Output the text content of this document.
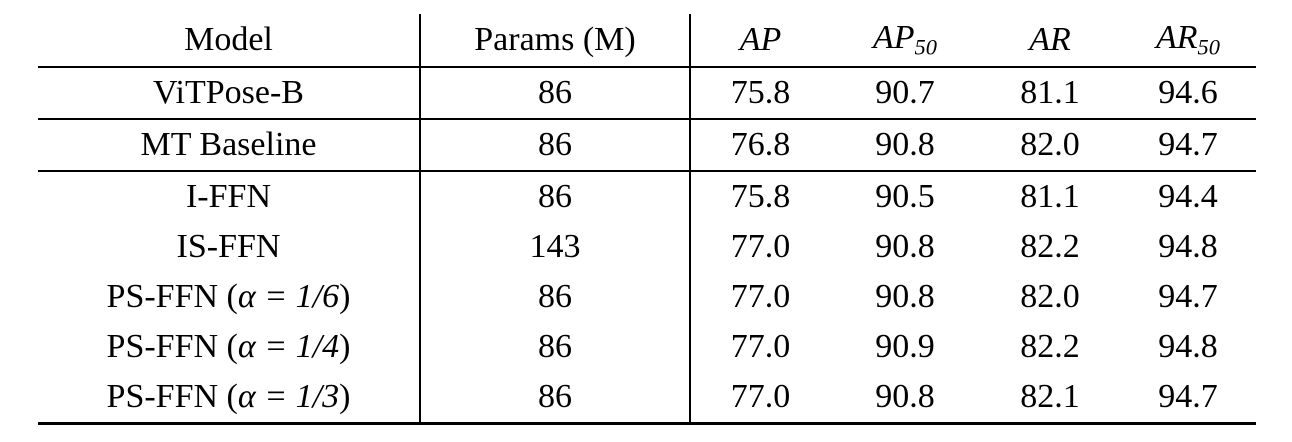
Model	Params (M)	AP	$AP_{50}$	AR	$AR_{50}$
ViTPose-B	86	75.8	90.7	81.1	94.6
MT Baseline	86	76.8	90.8	82.0	94.7
I-FFN	86	75.8	90.5	81.1	94.4
IS-FFN	143	77.0	90.8	82.2	94.8
PS-FFN (α = 1/6)	86	77.0	90.8	82.0	94.7
PS-FFN (α = 1/4)	86	77.0	90.9	82.2	94.8
PS-FFN (α = 1/3)	86	77.0	90.8	82.1	94.7
